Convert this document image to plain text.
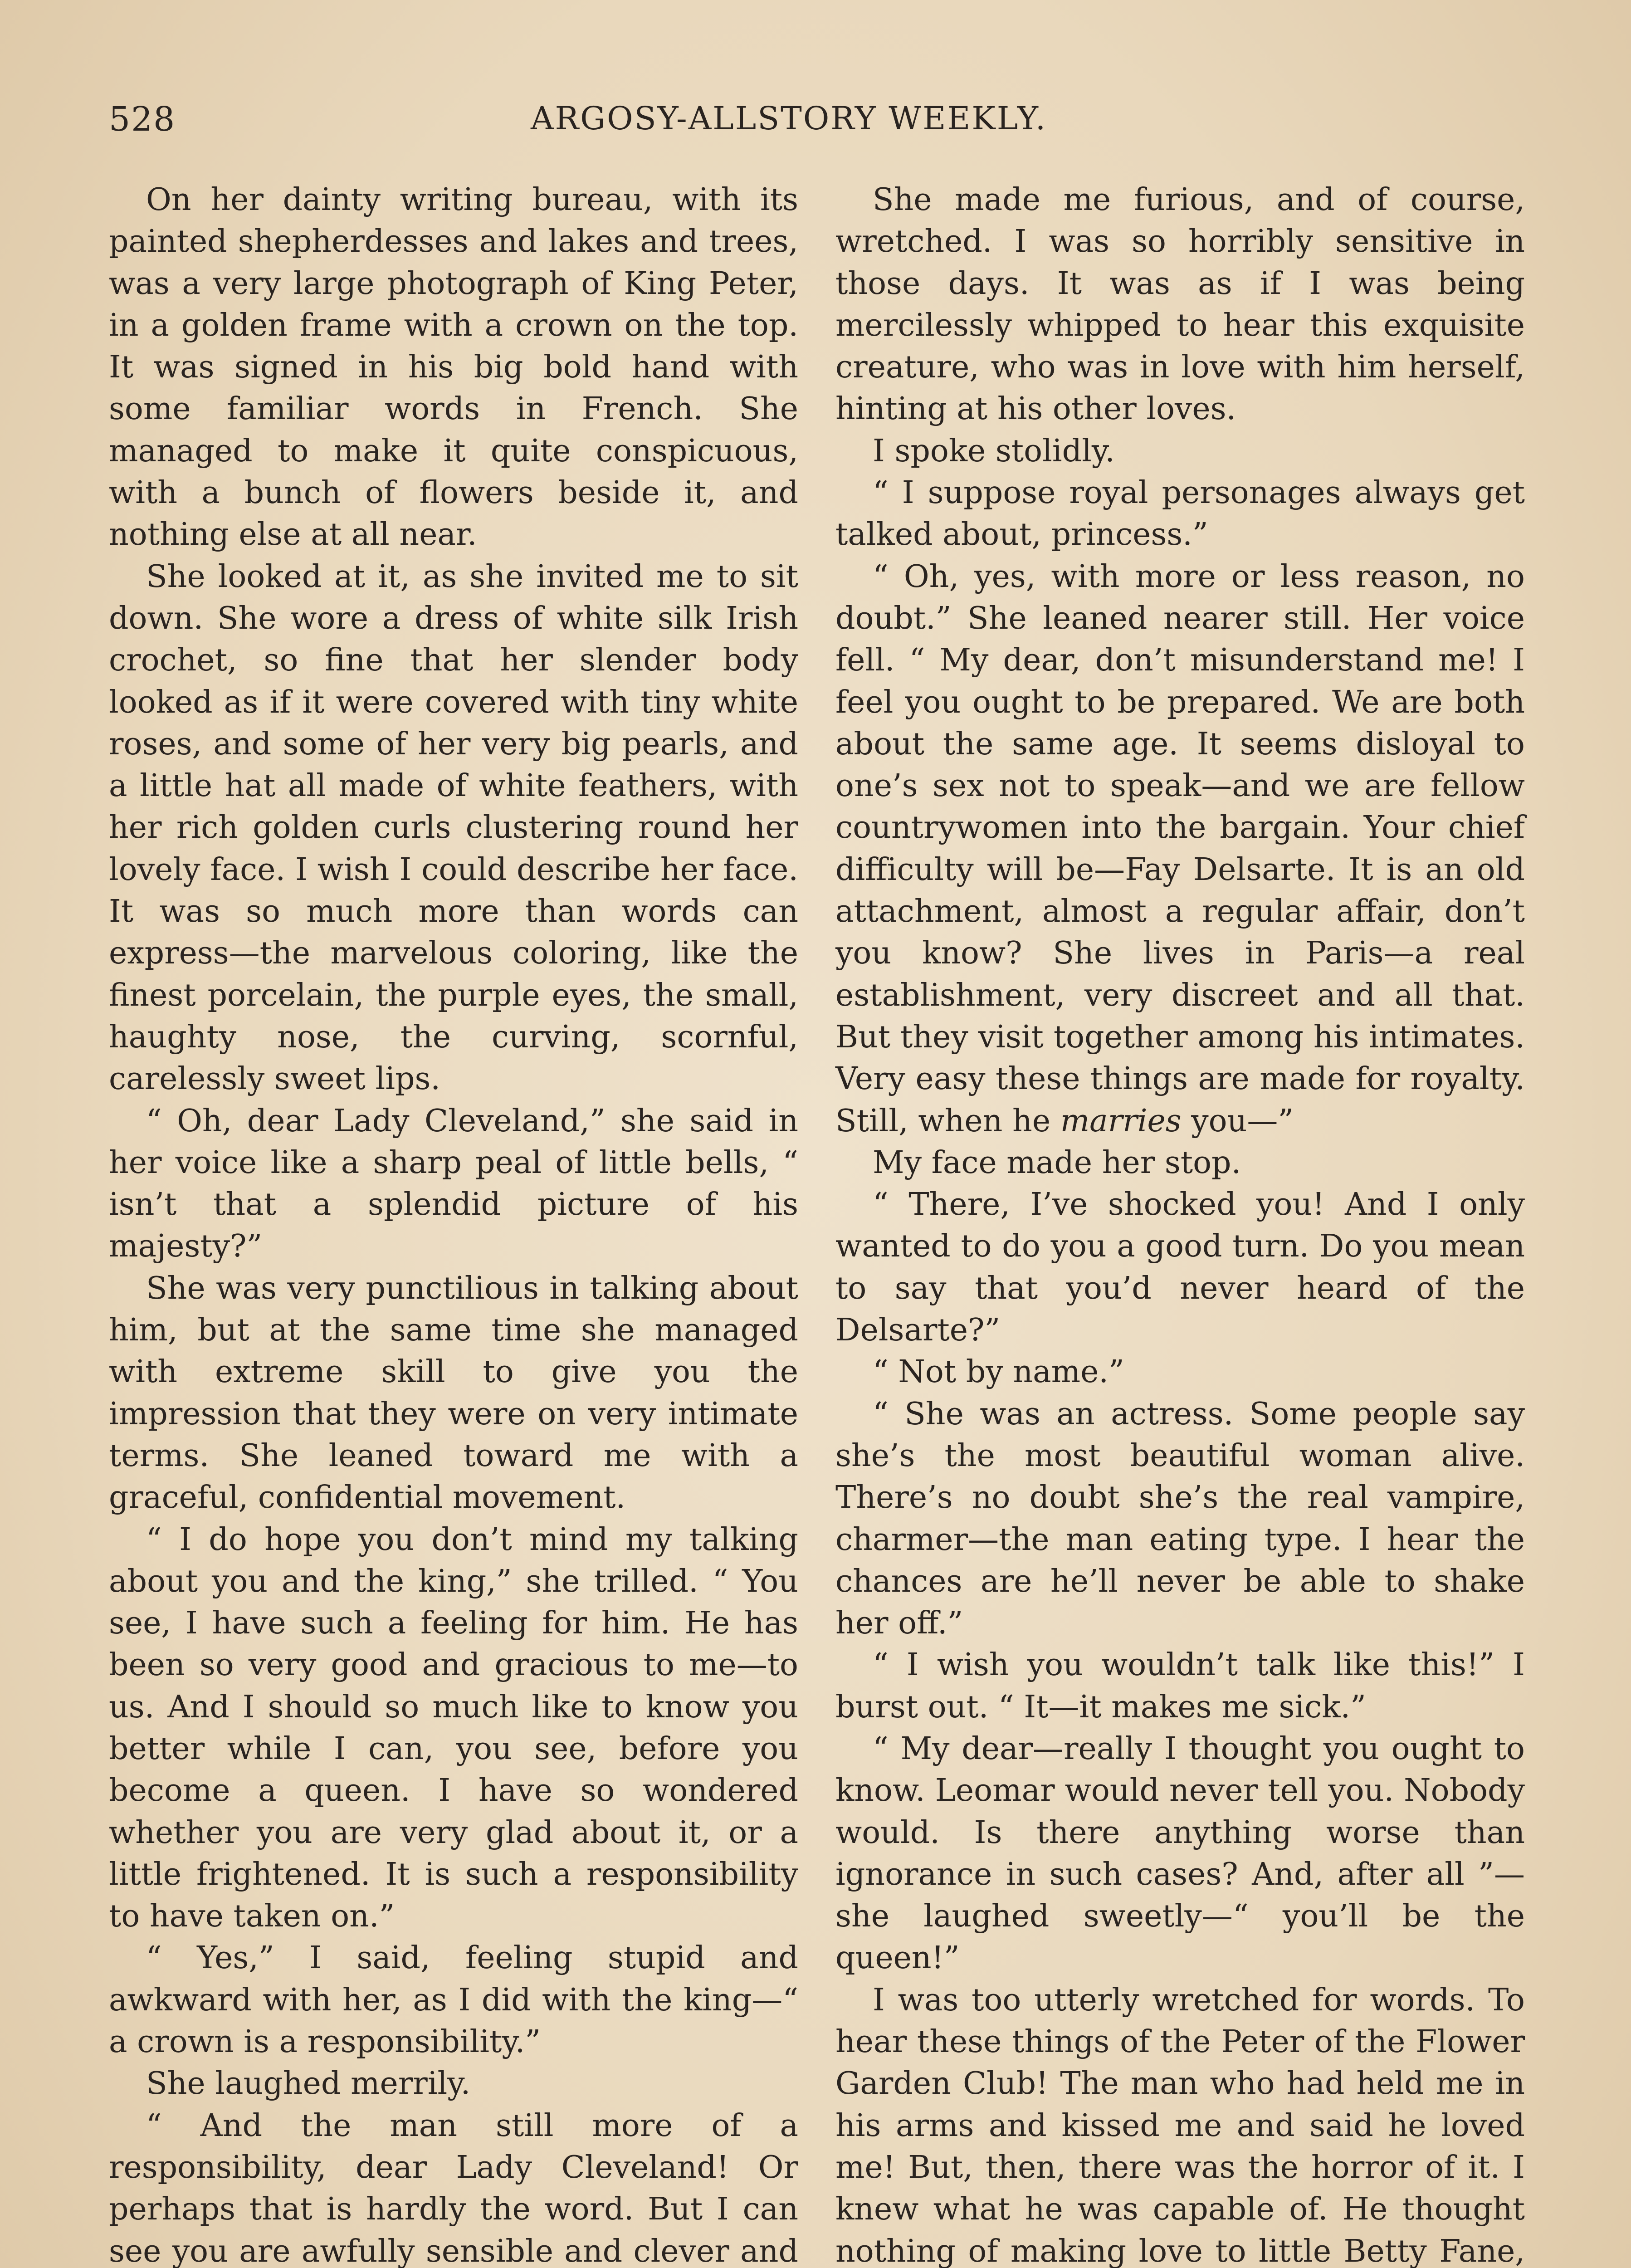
528	ARGOSY-ALLSTORY WEEKLY.

On her dainty writing bureau, with its painted shepherdesses and lakes and trees, was a very large photograph of King Peter, in a golden frame with a crown on the top. It was signed in his big bold hand with some familiar words in French. She managed to make it quite conspicuous, with a bunch of flowers beside it, and nothing else at all near.

She looked at it, as she invited me to sit down. She wore a dress of white silk Irish crochet, so fine that her slender body looked as if it were covered with tiny white roses, and some of her very big pearls, and a little hat all made of white feathers, with her rich golden curls clustering round her lovely face. I wish I could describe her face. It was so much more than words can express—the marvelous coloring, like the finest porcelain, the purple eyes, the small, haughty nose, the curving, scornful, carelessly sweet lips.

“ Oh, dear Lady Cleveland,” she said in her voice like a sharp peal of little bells, “ isn’t that a splendid picture of his majesty?”

She was very punctilious in talking about him, but at the same time she managed with extreme skill to give you the impression that they were on very intimate terms. She leaned toward me with a graceful, confidential movement.

“ I do hope you don’t mind my talking about you and the king,” she trilled. “ You see, I have such a feeling for him. He has been so very good and gracious to me—to us. And I should so much like to know you better while I can, you see, before you become a queen. I have so wondered whether you are very glad about it, or a little frightened. It is such a responsibility to have taken on.”

“ Yes,” I said, feeling stupid and awkward with her, as I did with the king—“ a crown is a responsibility.”

She laughed merrily.

“ And the man still more of a responsibility, dear Lady Cleveland! Or perhaps that is hardly the word. But I can see you are awfully sensible and clever and

She made me furious, and of course, wretched. I was so horribly sensitive in those days. It was as if I was being mercilessly whipped to hear this exquisite creature, who was in love with him herself, hinting at his other loves.

I spoke stolidly.

“ I suppose royal personages always get talked about, princess.”

“ Oh, yes, with more or less reason, no doubt.” She leaned nearer still. Her voice fell. “ My dear, don’t misunderstand me! I feel you ought to be prepared. We are both about the same age. It seems disloyal to one’s sex not to speak—and we are fellow countrywomen into the bargain. Your chief difficulty will be—Fay Delsarte. It is an old attachment, almost a regular affair, don’t you know? She lives in Paris—a real establishment, very discreet and all that. But they visit together among his intimates. Very easy these things are made for royalty. Still, when he marries you—”

My face made her stop.

“ There, I’ve shocked you! And I only wanted to do you a good turn. Do you mean to say that you’d never heard of the Delsarte?”

“ Not by name.”

“ She was an actress. Some people say she’s the most beautiful woman alive. There’s no doubt she’s the real vampire, charmer—the man eating type. I hear the chances are he’ll never be able to shake her off.”

“ I wish you wouldn’t talk like this!” I burst out. “ It—it makes me sick.”

“ My dear—really I thought you ought to know. Leomar would never tell you. Nobody would. Is there anything worse than ignorance in such cases? And, after all ”—she laughed sweetly—“ you’ll be the queen!”

I was too utterly wretched for words. To hear these things of the Peter of the Flower Garden Club! The man who had held me in his arms and kissed me and said he loved me! But, then, there was the horror of it. I knew what he was capable of. He thought nothing of making love to little Betty Fane,
